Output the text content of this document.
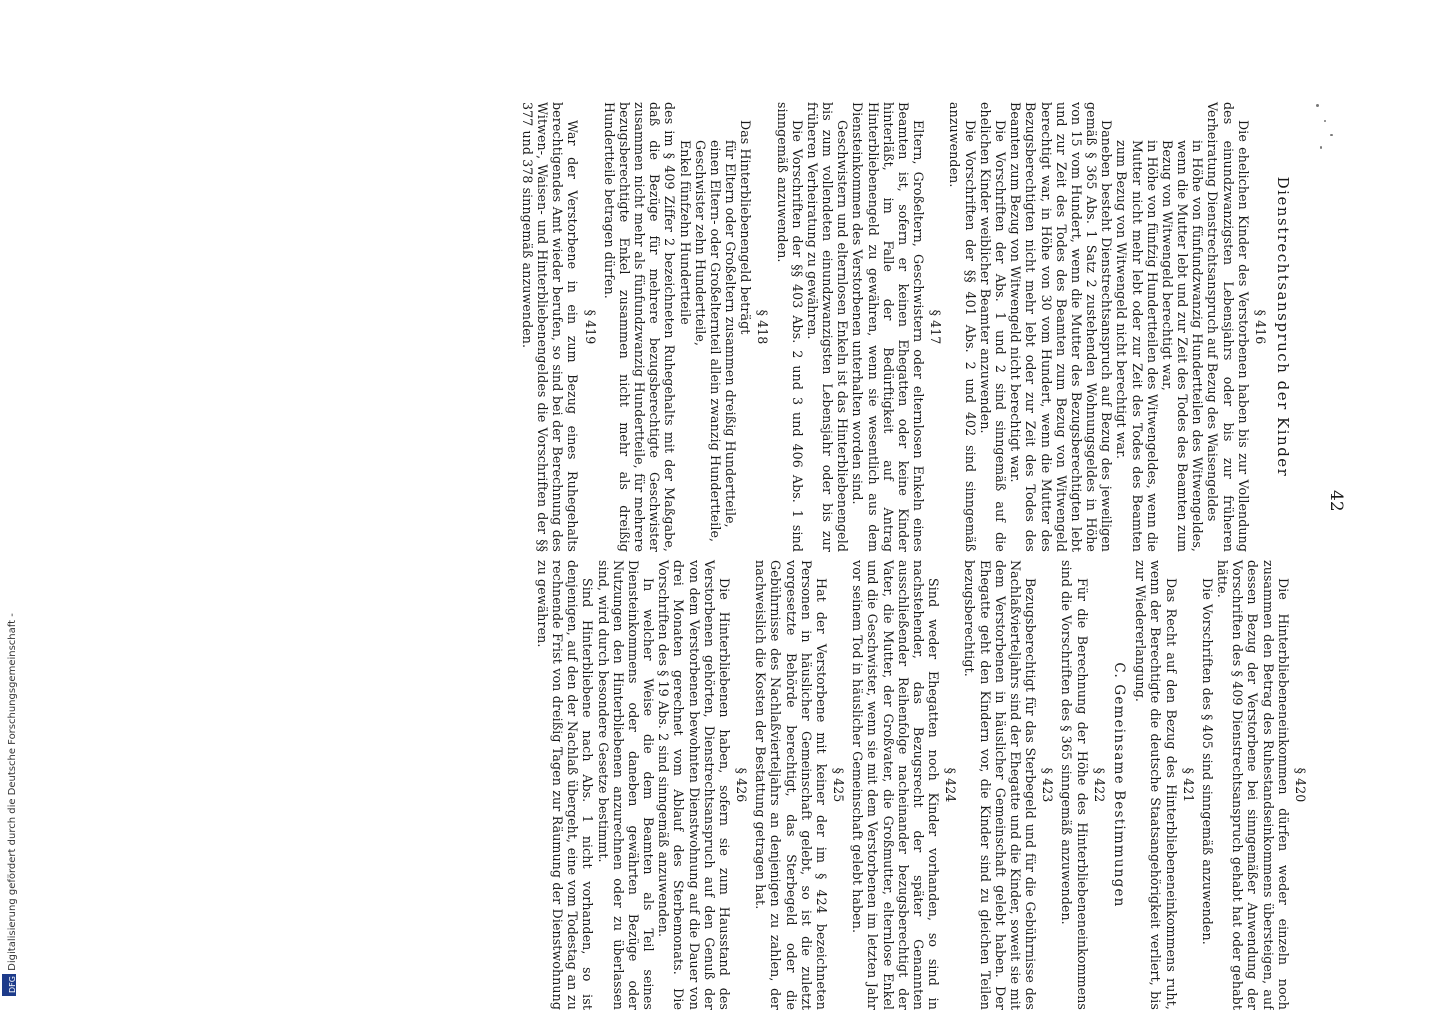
42
Dienstrechtsanspruch der Kinder
§ 416

Die ehelichen Kinder des Verstorbenen haben bis zur Vollendung des einundzwanzigsten Lebensjahrs oder bis zur früheren Verheiratung Dienstrechtsanspruch auf Bezug des Waisengeldes

in Höhe von fünfundzwanzig Hundertteilen des Witwengeldes, wenn die Mutter lebt und zur Zeit des Todes des Beamten zum Bezug von Witwengeld berechtigt war,

in Höhe von fünfzig Hundertteilen des Witwengeldes, wenn die Mutter nicht mehr lebt oder zur Zeit des Todes des Beamten zum Bezug von Witwengeld nicht berechtigt war.

Daneben besteht Dienstrechtsanspruch auf Bezug des jeweiligen gemäß § 365 Abs. 1 Satz 2 zustehenden Wohnungsgeldes in Höhe von 15 vom Hundert, wenn die Mutter des Bezugsberechtigten lebt und zur Zeit des Todes des Beamten zum Bezug von Witwengeld berechtigt war, in Höhe von 30 vom Hundert, wenn die Mutter des Bezugsberechtigten nicht mehr lebt oder zur Zeit des Todes des Beamten zum Bezug von Witwengeld nicht berechtigt war.

Die Vorschriften der Abs. 1 und 2 sind sinngemäß auf die ehelichen Kinder weiblicher Beamter anzuwenden.

Die Vorschriften der §§ 401 Abs. 2 und 402 sind sinngemäß anzuwenden.

§ 417

Eltern, Großeltern, Geschwistern oder elternlosen Enkeln eines Beamten ist, sofern er keinen Ehegatten oder keine Kinder hinterläßt, im Falle der Bedürftigkeit auf Antrag Hinterbliebenengeld zu gewähren, wenn sie wesentlich aus dem Diensteinkommen des Verstorbenen unterhalten worden sind.

Geschwistern und elternlosen Enkeln ist das Hinterbliebenengeld bis zum vollendeten einundzwanzigsten Lebensjahr oder bis zur früheren Verheiratung zu gewähren.

Die Vorschriften der §§ 403 Abs. 2 und 3 und 406 Abs. 1 sind sinngemäß anzuwenden.

§ 418

Das Hinterbliebenengeld beträgt

für Eltern oder Großeltern zusammen dreißig Hundertteile,

einen Eltern- oder Großelternteil allein zwanzig Hundertteile,

Geschwister zehn Hundertteile,

Enkel fünfzehn Hundertteile

des im § 409 Ziffer 2 bezeichneten Ruhegehalts mit der Maßgabe, daß die Bezüge für mehrere bezugsberechtigte Geschwister zusammen nicht mehr als fünfundzwanzig Hundertteile, für mehrere bezugsberechtigte Enkel zusammen nicht mehr als dreißig Hundertteile betragen dürfen.

§ 419

War der Verstorbene in ein zum Bezug eines Ruhegehalts berechtigendes Amt wieder berufen, so sind bei der Berechnung des Witwen-, Waisen- und Hinterbliebenengeldes die Vorschriften der §§ 377 und 378 sinngemäß anzuwenden.

§ 420

Die Hinterbliebeneneinkommen dürfen weder einzeln noch zusammen den Betrag des Ruhestandseinkommens übersteigen, auf dessen Bezug der Verstorbene bei sinngemäßer Anwendung der Vorschriften des § 409 Dienstrechtsanspruch gehabt hat oder gehabt hätte.

Die Vorschriften des § 405 sind sinngemäß anzuwenden.

§ 421

Das Recht auf den Bezug des Hinterbliebeneneinkommens ruht, wenn der Berechtigte die deutsche Staatsangehörigkeit verliert, bis zur Wiedererlangung.

C. Gemeinsame Bestimmungen
§ 422

Für die Berechnung der Höhe des Hinterbliebeneneinkommens sind die Vorschriften des § 365 sinngemäß anzuwenden.

§ 423

Bezugsberechtigt für das Sterbegeld und für die Gebührnisse des Nachlaßvierteljahrs sind der Ehegatte und die Kinder, soweit sie mit dem Verstorbenen in häuslicher Gemeinschaft gelebt haben. Der Ehegatte geht den Kindern vor, die Kinder sind zu gleichen Teilen bezugsberechtigt.

§ 424

Sind weder Ehegatten noch Kinder vorhanden, so sind in nachstehender, das Bezugsrecht der später Genannten ausschließender Reihenfolge nacheinander bezugsberechtigt der Vater, die Mutter, der Großvater, die Großmutter, elternlose Enkel und die Geschwister, wenn sie mit dem Verstorbenen im letzten Jahr vor seinem Tod in häuslicher Gemeinschaft gelebt haben.

§ 425

Hat der Verstorbene mit keiner der im § 424 bezeichneten Personen in häuslicher Gemeinschaft gelebt, so ist die zuletzt vorgesetzte Behörde berechtigt, das Sterbegeld oder die Gebührnisse des Nachlaßvierteljahrs an denjenigen zu zahlen, der nachweislich die Kosten der Bestattung getragen hat.

§ 426

Die Hinterbliebenen haben, sofern sie zum Hausstand des Verstorbenen gehörten, Dienstrechtsanspruch auf den Genuß der von dem Verstorbenen bewohnten Dienstwohnung auf die Dauer von drei Monaten gerechnet vom Ablauf des Sterbemonats. Die Vorschriften des § 19 Abs. 2 sind sinngemäß anzuwenden.

In welcher Weise die dem Beamten als Teil seines Diensteinkommens oder daneben gewährten Bezüge oder Nutzungen den Hinterbliebenen anzurechnen oder zu überlassen sind, wird durch besondere Gesetze bestimmt.

Sind Hinterbliebene nach Abs. 1 nicht vorhanden, so ist denjenigen, auf den der Nachlaß übergeht, eine vom Todestag an zu rechnende Frist von dreißig Tagen zur Räumung der Dienstwohnung zu gewähren.

DFG Digitalisierung gefördert durch die Deutsche Forschungsgemeinschaft -
